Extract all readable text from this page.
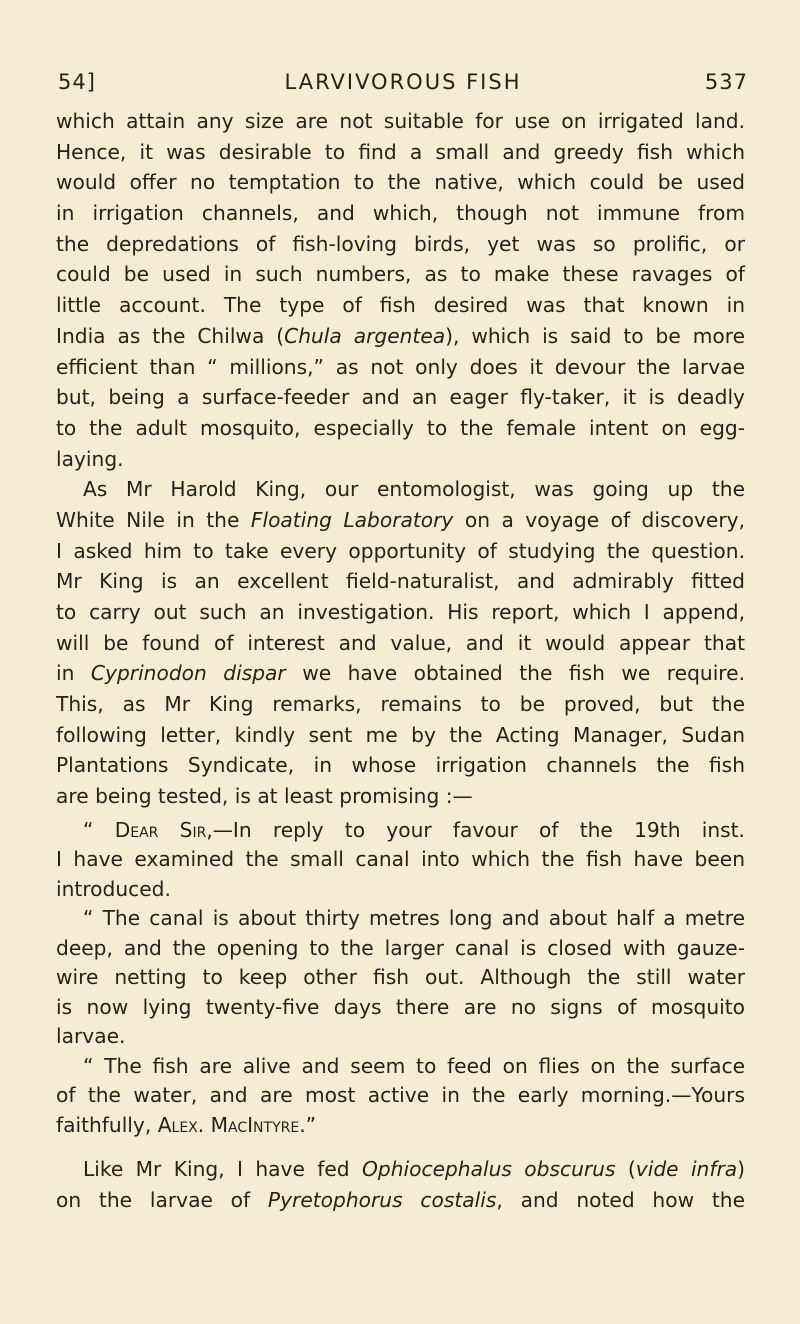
54]	LARVIVOROUS FISH	537
which attain any size are not suitable for use on irrigated land.
Hence, it was desirable to find a small and greedy fish which
would offer no temptation to the native, which could be used
in irrigation channels, and which, though not immune from
the depredations of fish-loving birds, yet was so prolific, or
could be used in such numbers, as to make these ravages of
little account. The type of fish desired was that known in
India as the Chilwa (Chula argentea), which is said to be more
efficient than “ millions,” as not only does it devour the larvae
but, being a surface-feeder and an eager fly-taker, it is deadly
to the adult mosquito, especially to the female intent on egg-
laying.
As Mr Harold King, our entomologist, was going up the
White Nile in the Floating Laboratory on a voyage of discovery,
I asked him to take every opportunity of studying the question.
Mr King is an excellent field-naturalist, and admirably fitted
to carry out such an investigation. His report, which I append,
will be found of interest and value, and it would appear that
in Cyprinodon dispar we have obtained the fish we require.
This, as Mr King remarks, remains to be proved, but the
following letter, kindly sent me by the Acting Manager, Sudan
Plantations Syndicate, in whose irrigation channels the fish
are being tested, is at least promising :—
“ Dear Sir,—In reply to your favour of the 19th inst.
I have examined the small canal into which the fish have been
introduced.
“ The canal is about thirty metres long and about half a metre
deep, and the opening to the larger canal is closed with gauze-
wire netting to keep other fish out. Although the still water
is now lying twenty-five days there are no signs of mosquito
larvae.
“ The fish are alive and seem to feed on flies on the surface
of the water, and are most active in the early morning.—Yours
faithfully, Alex. MacIntyre.”
Like Mr King, I have fed Ophiocephalus obscurus (vide infra)
on the larvae of Pyretophorus costalis, and noted how the
